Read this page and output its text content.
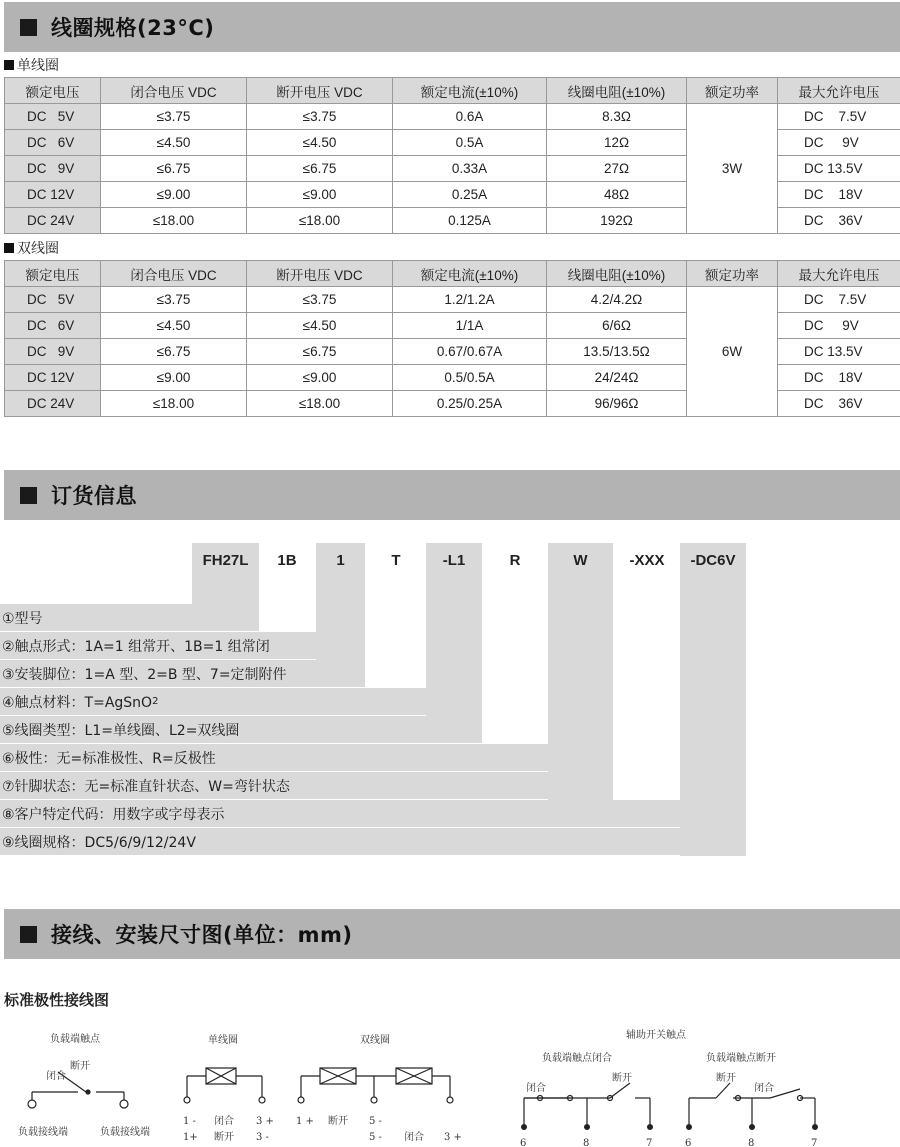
线圈规格(23°C)
单线圈
额定电压	闭合电压 VDC	断开电压 VDC	额定电流(±10%)	线圈电阻(±10%)	额定功率	最大允许电压
DC   5V	≤3.75	≤3.75	0.6A	8.3Ω	3W	DC    7.5V
DC   6V	≤4.50	≤4.50	0.5A	12Ω		DC     9V
DC   9V	≤6.75	≤6.75	0.33A	27Ω		DC 13.5V
DC 12V	≤9.00	≤9.00	0.25A	48Ω		DC    18V
DC 24V	≤18.00	≤18.00	0.125A	192Ω		DC    36V
双线圈
额定电压	闭合电压 VDC	断开电压 VDC	额定电流(±10%)	线圈电阻(±10%)	额定功率	最大允许电压
DC   5V	≤3.75	≤3.75	1.2/1.2A	4.2/4.2Ω	6W	DC    7.5V
DC   6V	≤4.50	≤4.50	1/1A	6/6Ω		DC     9V
DC   9V	≤6.75	≤6.75	0.67/0.67A	13.5/13.5Ω		DC 13.5V
DC 12V	≤9.00	≤9.00	0.5/0.5A	24/24Ω		DC    18V
DC 24V	≤18.00	≤18.00	0.25/0.25A	96/96Ω		DC    36V
订货信息
FH27L	1B	1	T	-L1	R	W	-XXX	-DC6V
①型号
②触点形式：1A=1 组常开、1B=1 组常闭
③安装脚位：1=A 型、2=B 型、7=定制附件
④触点材料：T=AgSnO 2
⑤线圈类型：L1=单线圈、L2=双线圈
⑥极性：无=标准极性、R=反极性
⑦针脚状态：无=标准直针状态、W=弯针状态
⑧客户特定代码：用数字或字母表示
⑨线圈规格：DC5/6/9/12/24V
接线、安装尺寸图(单位：mm)
标准极性接线图
负载端触点
断开
闭合
负载接线端	负载接线端
单线圈
1 -
1+
闭合
断开
3 +
3 -
双线圈
1 + 断开 5 -
5 - 闭合 3 +
辅助开关触点
负载端触点闭合
闭合
断开
负载端触点断开
断开
闭合
6	8	7	6	8	7
